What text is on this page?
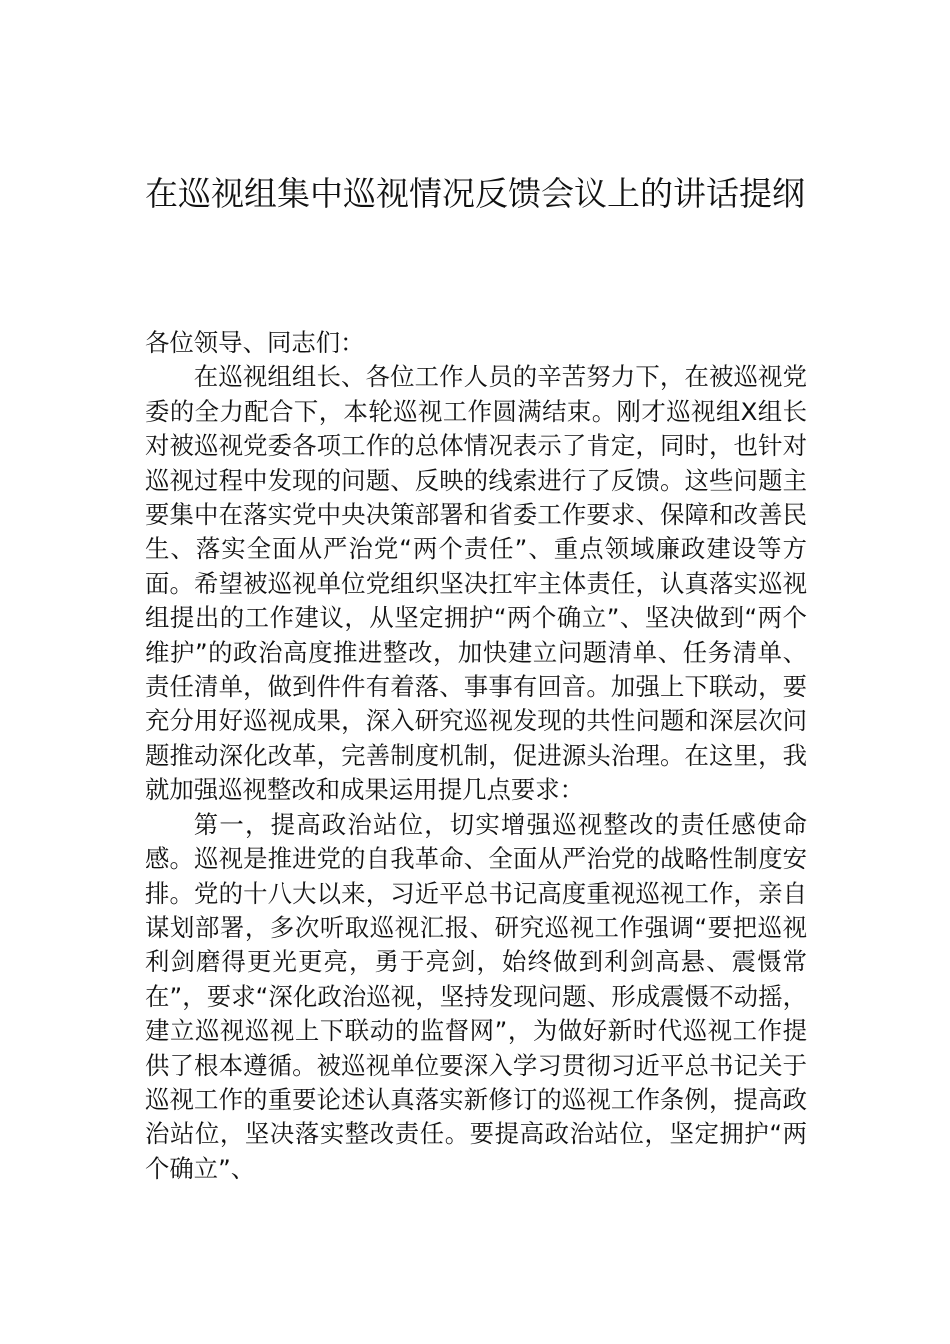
在巡视组集中巡视情况反馈会议上的讲话提纲

各位领导、同志们：

在巡视组组长、各位工作人员的辛苦努力下，在被巡视党委的全力配合下，本轮巡视工作圆满结束。刚才巡视组X组长对被巡视党委各项工作的总体情况表示了肯定，同时，也针对巡视过程中发现的问题、反映的线索进行了反馈。这些问题主要集中在落实党中央决策部署和省委工作要求、保障和改善民生、落实全面从严治党“两个责任”、重点领域廉政建设等方面。希望被巡视单位党组织坚决扛牢主体责任，认真落实巡视组提出的工作建议，从坚定拥护“两个确立”、坚决做到“两个维护”的政治高度推进整改，加快建立问题清单、任务清单、责任清单，做到件件有着落、事事有回音。加强上下联动，要充分用好巡视成果，深入研究巡视发现的共性问题和深层次问题推动深化改革，完善制度机制，促进源头治理。在这里，我就加强巡视整改和成果运用提几点要求：

第一，提高政治站位，切实增强巡视整改的责任感使命感。巡视是推进党的自我革命、全面从严治党的战略性制度安排。党的十八大以来，习近平总书记高度重视巡视工作，亲自谋划部署，多次听取巡视汇报、研究巡视工作强调“要把巡视利剑磨得更光更亮，勇于亮剑，始终做到利剑高悬、震慑常在”，要求“深化政治巡视，坚持发现问题、形成震慑不动摇，建立巡视巡视上下联动的监督网”，为做好新时代巡视工作提供了根本遵循。被巡视单位要深入学习贯彻习近平总书记关于巡视工作的重要论述认真落实新修订的巡视工作条例，提高政治站位，坚决落实整改责任。要提高政治站位，坚定拥护“两个确立”、
